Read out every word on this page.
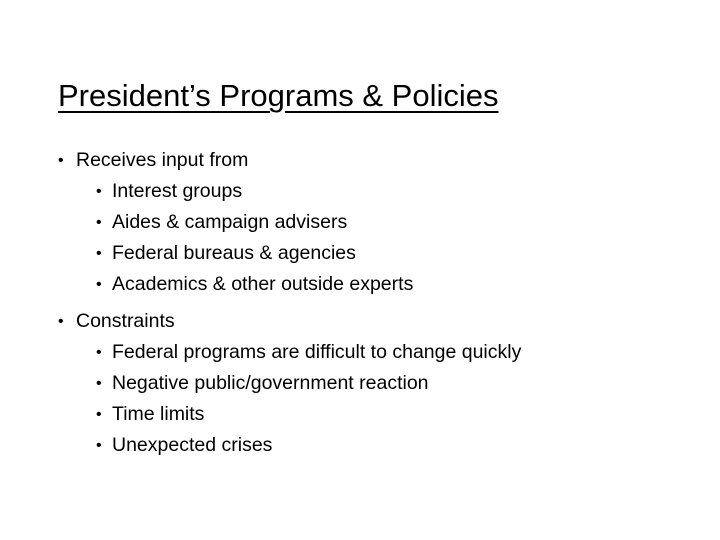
President’s Programs & Policies
• Receives input from
• Interest groups
• Aides & campaign advisers
• Federal bureaus & agencies
• Academics & other outside experts
• Constraints
• Federal programs are difficult to change quickly
• Negative public/government reaction
• Time limits
• Unexpected crises
